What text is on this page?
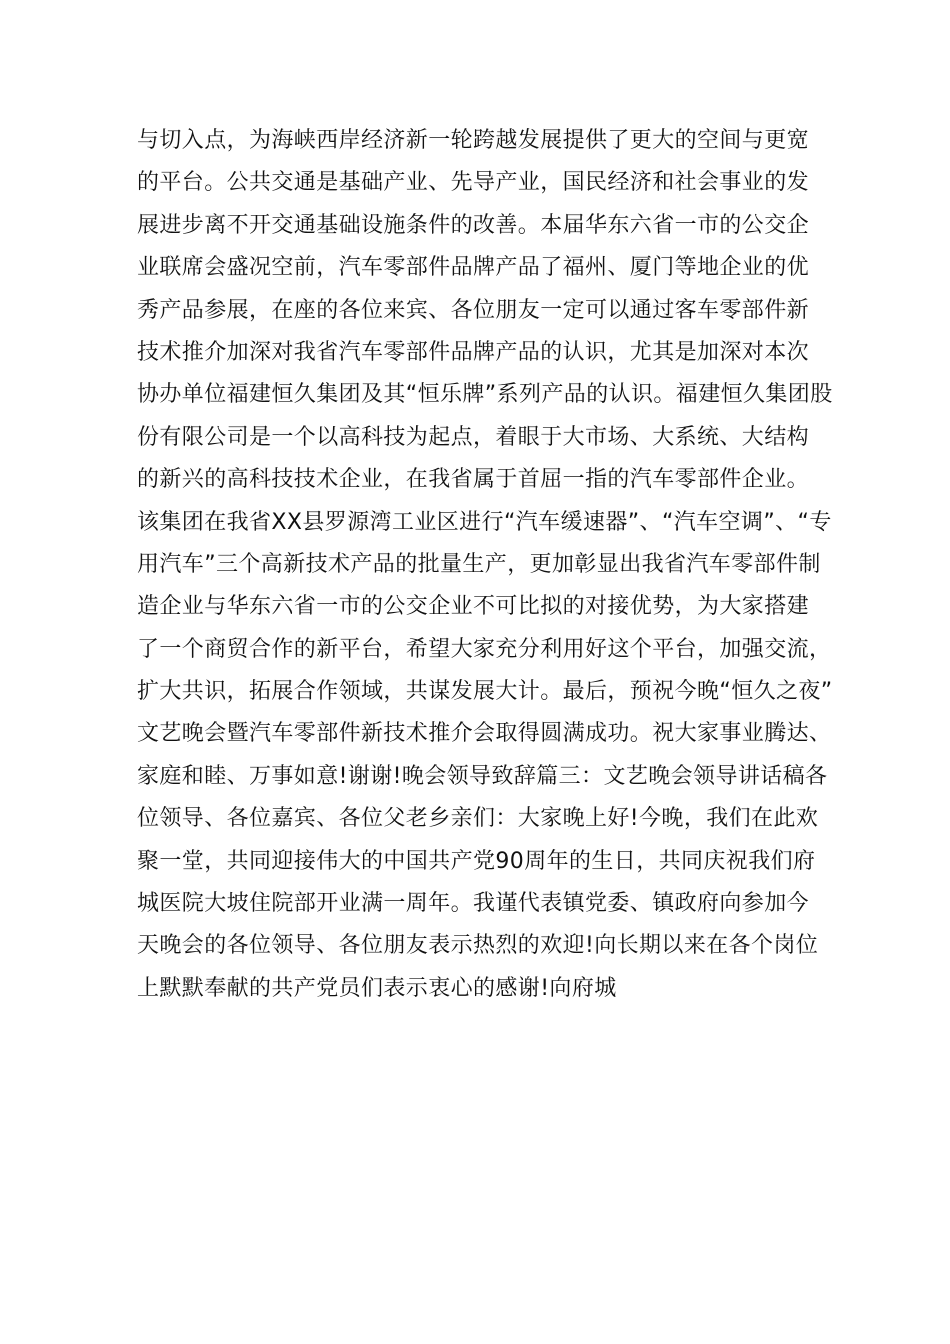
与切入点，为海峡西岸经济新一轮跨越发展提供了更大的空间与更宽
的平台。公共交通是基础产业、先导产业，国民经济和社会事业的发
展进步离不开交通基础设施条件的改善。本届华东六省一市的公交企
业联席会盛况空前，汽车零部件品牌产品了福州、厦门等地企业的优
秀产品参展，在座的各位来宾、各位朋友一定可以通过客车零部件新
技术推介加深对我省汽车零部件品牌产品的认识，尤其是加深对本次
协办单位福建恒久集团及其“恒乐牌”系列产品的认识。福建恒久集团股
份有限公司是一个以高科技为起点，着眼于大市场、大系统、大结构
的新兴的高科技技术企业，在我省属于首屈一指的汽车零部件企业。
该集团在我省XX县罗源湾工业区进行“汽车缓速器”、“汽车空调”、“专
用汽车”三个高新技术产品的批量生产，更加彰显出我省汽车零部件制
造企业与华东六省一市的公交企业不可比拟的对接优势，为大家搭建
了一个商贸合作的新平台，希望大家充分利用好这个平台，加强交流，
扩大共识，拓展合作领域，共谋发展大计。最后，预祝今晚“恒久之夜”
文艺晚会暨汽车零部件新技术推介会取得圆满成功。祝大家事业腾达、
家庭和睦、万事如意!谢谢!晚会领导致辞篇三：文艺晚会领导讲话稿各
位领导、各位嘉宾、各位父老乡亲们：大家晚上好!今晚，我们在此欢
聚一堂，共同迎接伟大的中国共产党90周年的生日，共同庆祝我们府
城医院大坡住院部开业满一周年。我谨代表镇党委、镇政府向参加今
天晚会的各位领导、各位朋友表示热烈的欢迎!向长期以来在各个岗位
上默默奉献的共产党员们表示衷心的感谢!向府城
